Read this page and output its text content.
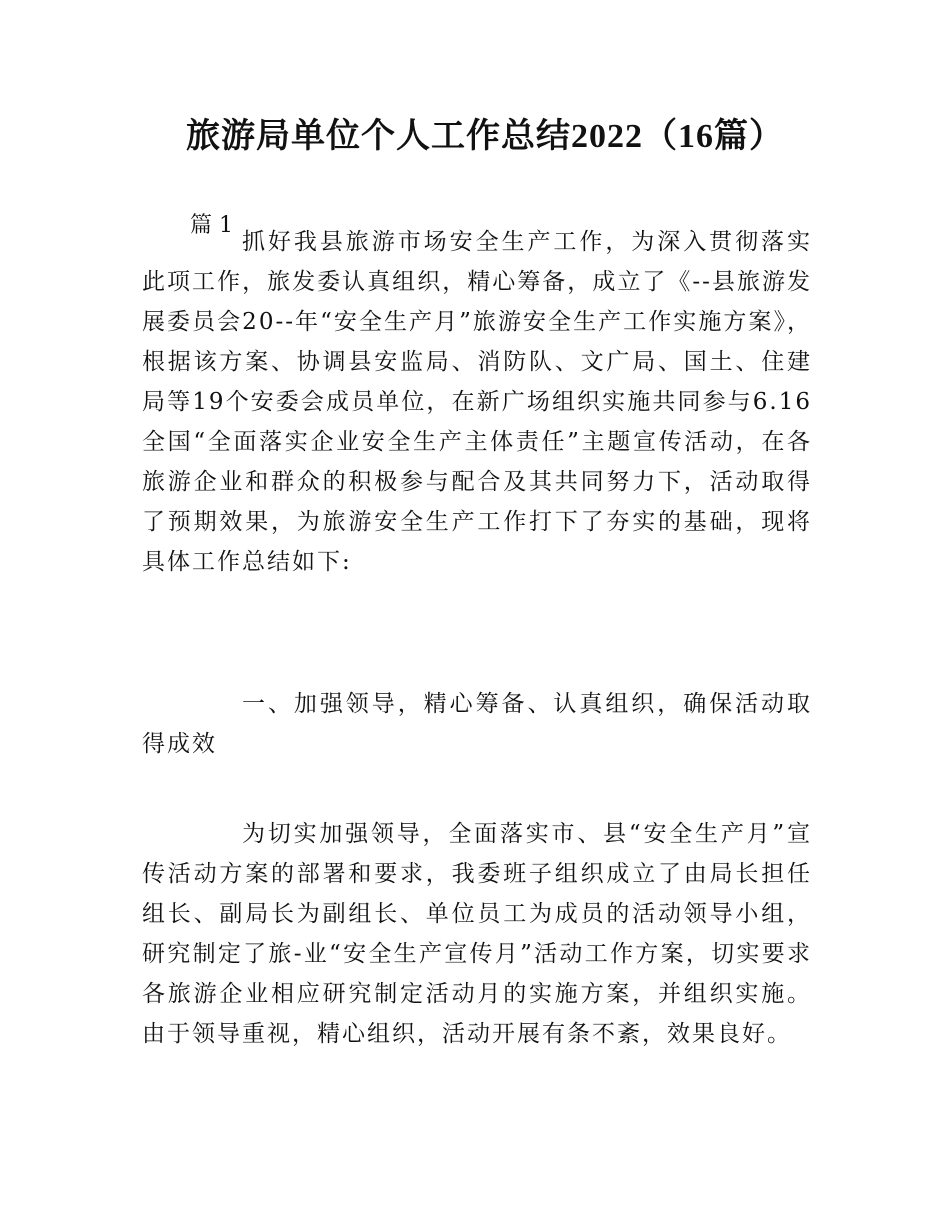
旅游局单位个人工作总结2022（16篇）

篇 1

抓好我县旅游市场安全生产工作，为深入贯彻落实此项工作，旅发委认真组织，精心筹备，成立了《--县旅游发展委员会20--年“安全生产月”旅游安全生产工作实施方案》，根据该方案、协调县安监局、消防队、文广局、国土、住建局等19个安委会成员单位，在新广场组织实施共同参与6.16全国“全面落实企业安全生产主体责任”主题宣传活动，在各旅游企业和群众的积极参与配合及其共同努力下，活动取得了预期效果，为旅游安全生产工作打下了夯实的基础，现将具体工作总结如下:

一、加强领导，精心筹备、认真组织，确保活动取得成效

为切实加强领导，全面落实市、县“安全生产月”宣传活动方案的部署和要求，我委班子组织成立了由局长担任组长、副局长为副组长、单位员工为成员的活动领导小组，研究制定了旅-业“安全生产宣传月”活动工作方案，切实要求各旅游企业相应研究制定活动月的实施方案，并组织实施。由于领导重视，精心组织，活动开展有条不紊，效果良好。
